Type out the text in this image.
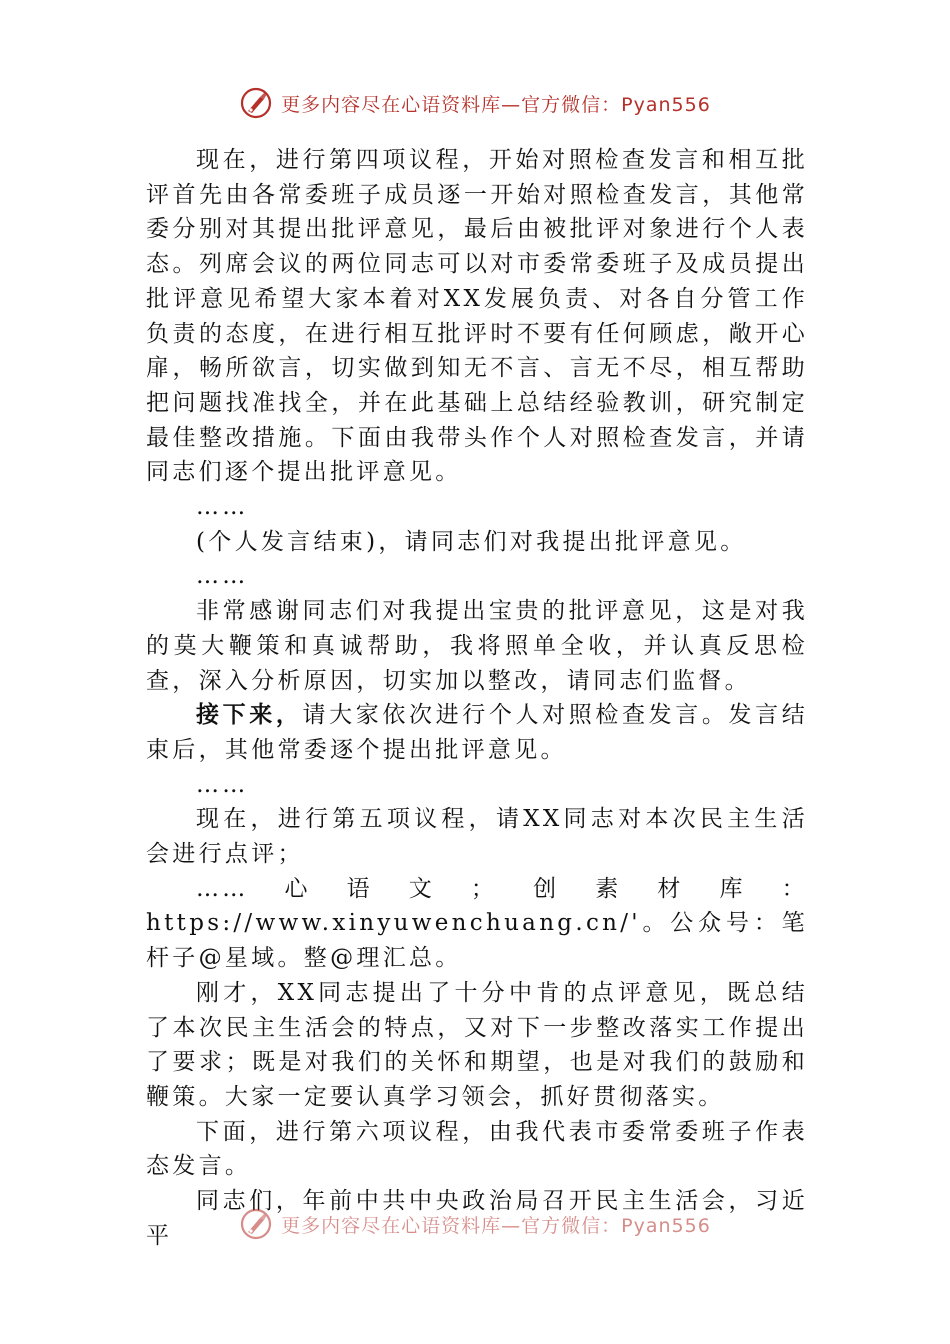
更多内容尽在心语资料库—官方微信：Pyan556

现在，进行第四项议程，开始对照检查发言和相互批评首先由各常委班子成员逐一开始对照检查发言，其他常委分别对其提出批评意见，最后由被批评对象进行个人表态。列席会议的两位同志可以对市委常委班子及成员提出批评意见希望大家本着对XX发展负责、对各自分管工作负责的态度，在进行相互批评时不要有任何顾虑，敞开心扉，畅所欲言，切实做到知无不言、言无不尽，相互帮助把问题找准找全，并在此基础上总结经验教训，研究制定最佳整改措施。下面由我带头作个人对照检查发言，并请同志们逐个提出批评意见。

……

(个人发言结束)，请同志们对我提出批评意见。

……

非常感谢同志们对我提出宝贵的批评意见，这是对我的莫大鞭策和真诚帮助，我将照单全收，并认真反思检查，深入分析原因，切实加以整改，请同志们监督。

接下来，请大家依次进行个人对照检查发言。发言结束后，其他常委逐个提出批评意见。

……

现在，进行第五项议程，请XX同志对本次民主生活会进行点评；

……心语文；创素材库：https://www.xinyuwenchuang.cn/'。公众号：笔杆子@星域。整@理汇总。

刚才，XX同志提出了十分中肯的点评意见，既总结了本次民主生活会的特点，又对下一步整改落实工作提出了要求；既是对我们的关怀和期望，也是对我们的鼓励和鞭策。大家一定要认真学习领会，抓好贯彻落实。

下面，进行第六项议程，由我代表市委常委班子作表态发言。

同志们，年前中共中央政治局召开民主生活会，习近平	更多内容尽在心语资料库—官方微信：Pyan556
